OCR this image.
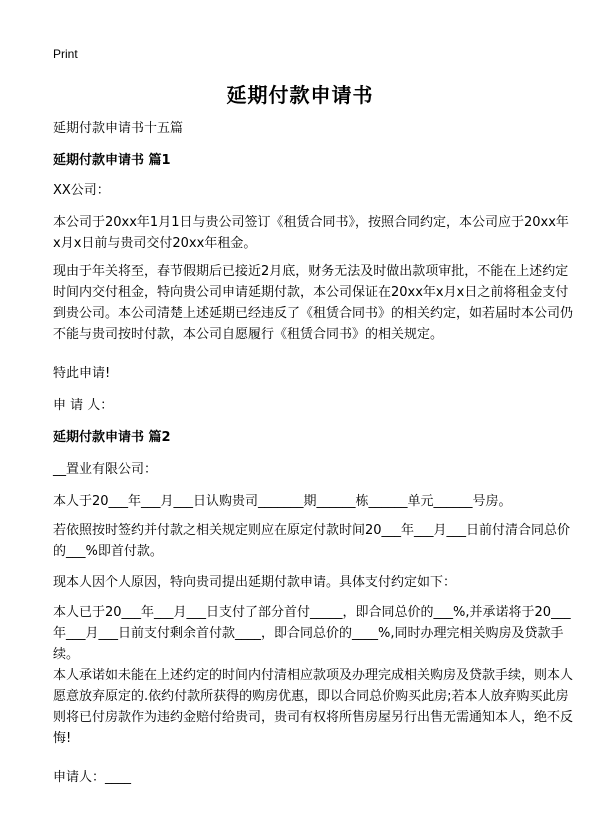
Print
延期付款申请书

延期付款申请书十五篇

延期付款申请书 篇1

XX公司：

本公司于20xx年1月1日与贵公司签订《租赁合同书》，按照合同约定，本公司应于20xx年x月x日前与贵司交付20xx年租金。

现由于年关将至，春节假期后已接近2月底，财务无法及时做出款项审批，不能在上述约定时间内交付租金，特向贵公司申请延期付款，本公司保证在20xx年x月x日之前将租金支付到贵公司。本公司清楚上述延期已经违反了《租赁合同书》的相关约定，如若届时本公司仍不能与贵司按时付款，本公司自愿履行《租赁合同书》的相关规定。

特此申请!

申 请 人：

延期付款申请书 篇2

__置业有限公司：

本人于20___年___月___日认购贵司_______期______栋______单元______号房。

若依照按时签约并付款之相关规定则应在原定付款时间20___年___月___日前付清合同总价的___%即首付款。

现本人因个人原因，特向贵司提出延期付款申请。具体支付约定如下：

本人已于20___年___月___日支付了部分首付_____，即合同总价的___%,并承诺将于20___年___月___日前支付剩余首付款____，即合同总价的____%,同时办理完相关购房及贷款手续。

本人承诺如未能在上述约定的时间内付清相应款项及办理完成相关购房及贷款手续，则本人愿意放弃原定的.依约付款所获得的购房优惠，即以合同总价购买此房;若本人放弃购买此房则将已付房款作为违约金赔付给贵司，贵司有权将所售房屋另行出售无需通知本人，绝不反悔!

申请人：____
